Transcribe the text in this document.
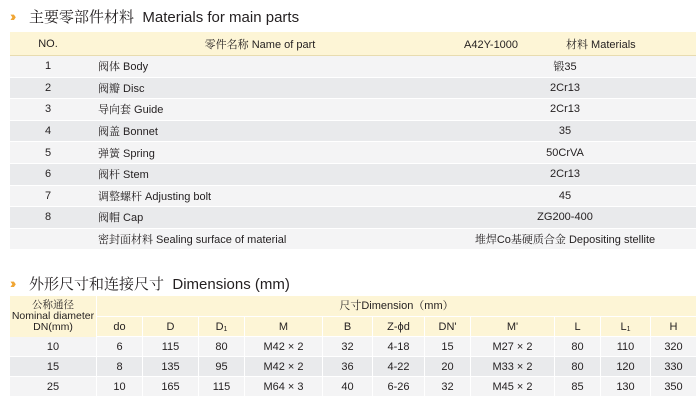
››	主要零部件材料 Materials for main parts
NO.	零件名称 Name of part	A42Y-1000	材料 Materials
1	阀体 Body	锻35
2	阀瓣 Disc	2Cr13
3	导向套 Guide	2Cr13
4	阀盖 Bonnet	35
5	弹簧 Spring	50CrVA
6	阀杆 Stem	2Cr13
7	调整螺杆 Adjusting bolt	45
8	阀帽 Cap	ZG200-400
密封面材料 Sealing surface of material	堆焊Co基硬质合金 Depositing stellite
››	外形尺寸和连接尺寸 Dimensions (mm)
公称通径
Nominal diameter
DN(mm)
尺寸Dimension（mm）
do	D	$D_1$	M	B	Z-ϕd	DN'	M'	L	$L_1$	H
10	6	115	80	M42 × 2	32	4-18	15	M27 × 2	80	110	320
15	8	135	95	M42 × 2	36	4-22	20	M33 × 2	80	120	330
25	10	165	115	M64 × 3	40	6-26	32	M45 × 2	85	130	350
